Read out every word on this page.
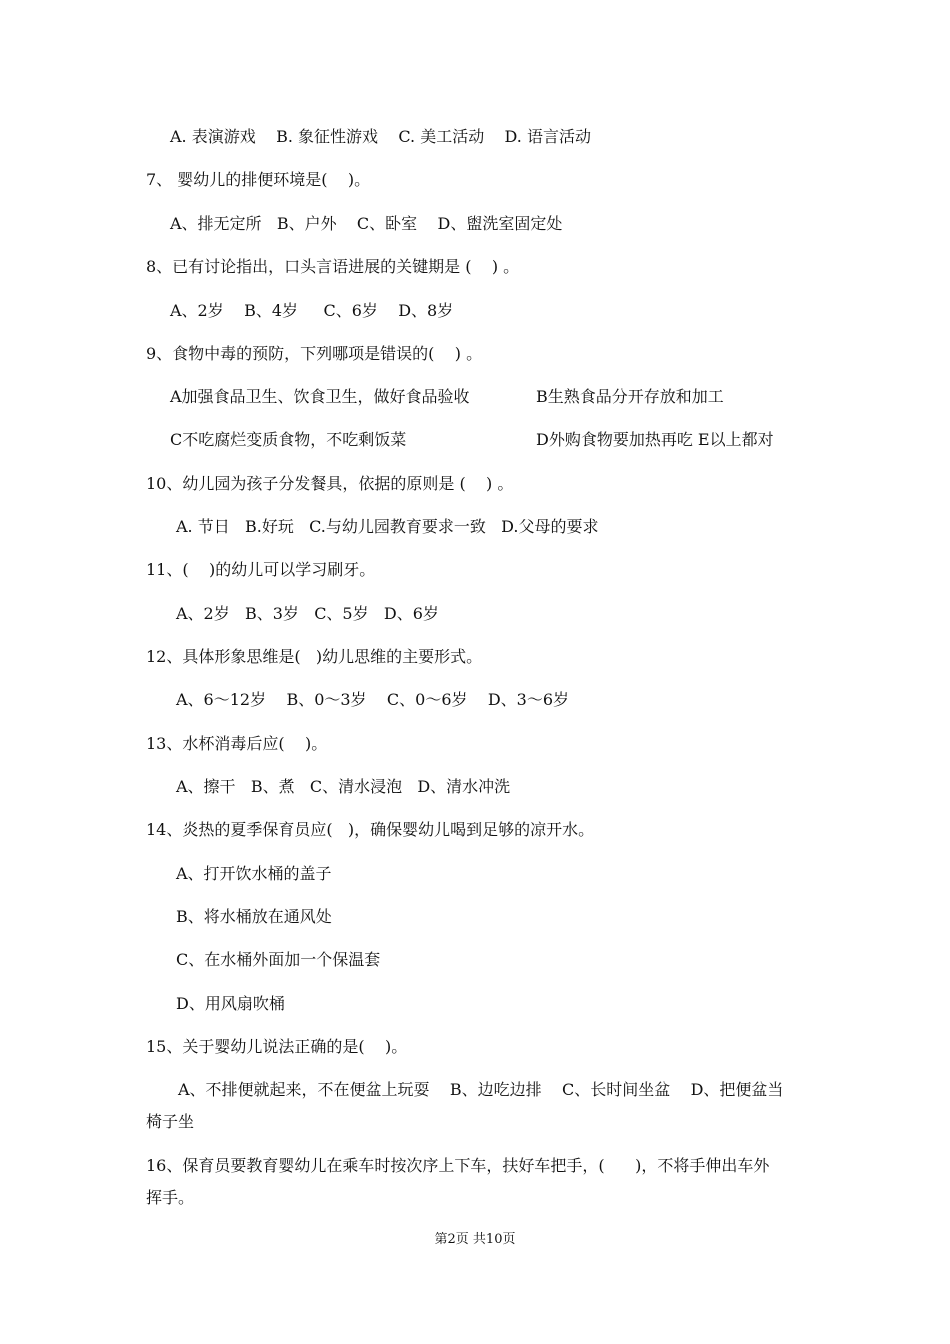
A. 表演游戏    B. 象征性游戏    C. 美工活动    D. 语言活动
7、 婴幼儿的排便环境是(    )。
A、排无定所   B、户外    C、卧室    D、盥洗室固定处
8、已有讨论指出，口头言语进展的关键期是 (    ) 。
A、2岁    B、4岁     C、6岁    D、8岁
9、食物中毒的预防，下列哪项是错误的(    ) 。
A加强食品卫生、饮食卫生，做好食品验收	B生熟食品分开存放和加工
C不吃腐烂变质食物，不吃剩饭菜	D外购食物要加热再吃 E以上都对
10、幼儿园为孩子分发餐具，依据的原则是 (    ) 。
A. 节日   B.好玩   C.与幼儿园教育要求一致   D.父母的要求
11、(    )的幼儿可以学习刷牙。
A、2岁   B、3岁   C、5岁   D、6岁
12、具体形象思维是(   )幼儿思维的主要形式。
A、6～12岁    B、0～3岁    C、0～6岁    D、3～6岁
13、水杯消毒后应(    )。
A、擦干   B、煮   C、清水浸泡   D、清水冲洗
14、炎热的夏季保育员应(   )，确保婴幼儿喝到足够的凉开水。
A、打开饮水桶的盖子
B、将水桶放在通风处
C、在水桶外面加一个保温套
D、用风扇吹桶
15、关于婴幼儿说法正确的是(    )。
A、不排便就起来，不在便盆上玩耍    B、边吃边排    C、长时间坐盆    D、把便盆当
椅子坐
16、保育员要教育婴幼儿在乘车时按次序上下车，扶好车把手，(      )，不将手伸出车外
挥手。
第2页 共10页
